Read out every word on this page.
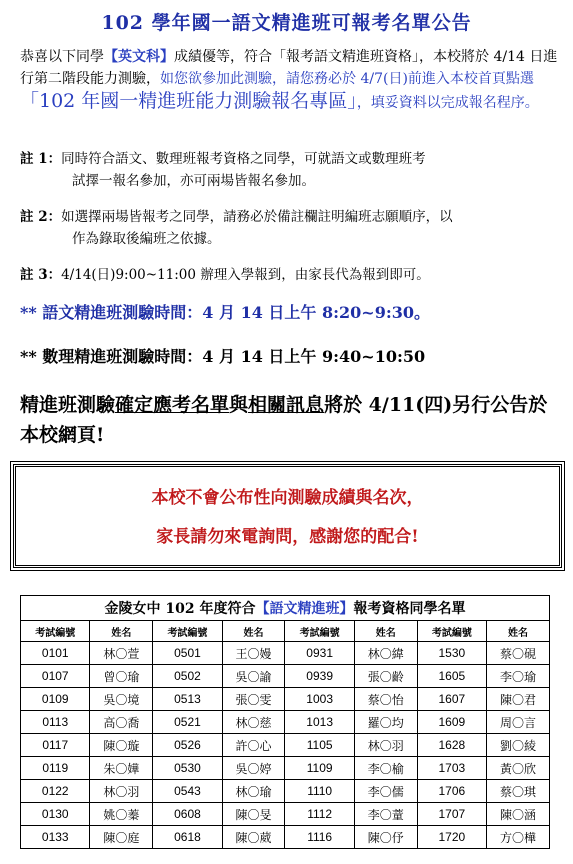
102 學年國一語文精進班可報考名單公告
恭喜以下同學【英文科】成績優等，符合「報考語文精進班資格」，本校將於 4/14 日進行第二階段能力測驗，如您欲參加此測驗，請您務必於 4/7(日)前進入本校首頁點選「102 年國一精進班能力測驗報名專區」，填妥資料以完成報名程序。
註 1：同時符合語文、數理班報考資格之同學，可就語文或數理班考
試擇一報名參加，亦可兩場皆報名參加。
註 2：如選擇兩場皆報考之同學，請務必於備註欄註明編班志願順序，以
作為錄取後編班之依據。
註 3：4/14(日)9:00~11:00 辦理入學報到，由家長代為報到即可。
** 語文精進班測驗時間：4 月 14 日上午 8:20~9:30。
** 數理精進班測驗時間：4 月 14 日上午 9:40~10:50
精進班測驗確定應考名單與相關訊息將於 4/11(四)另行公告於本校網頁!
本校不會公布性向測驗成績與名次，
家長請勿來電詢問，感謝您的配合!
金陵女中 102 年度符合【語文精進班】報考資格同學名單							
考試編號	姓名	考試編號	姓名	考試編號	姓名	考試編號	姓名
0101	林〇萱	0501	王〇嫚	0931	林〇緯	1530	蔡〇硯
0107	曾〇瑜	0502	吳〇諭	0939	張〇齡	1605	李〇瑜
0109	吳〇境	0513	張〇雯	1003	蔡〇怡	1607	陳〇君
0113	高〇喬	0521	林〇慈	1013	羅〇均	1609	周〇言
0117	陳〇璇	0526	許〇心	1105	林〇羽	1628	劉〇綾
0119	朱〇嬅	0530	吳〇婷	1109	李〇榆	1703	黃〇欣
0122	林〇羽	0543	林〇瑜	1110	李〇儒	1706	蔡〇琪
0130	姚〇蓁	0608	陳〇旻	1112	李〇蕫	1707	陳〇涵
0133	陳〇庭	0618	陳〇葳	1116	陳〇伃	1720	方〇樺
